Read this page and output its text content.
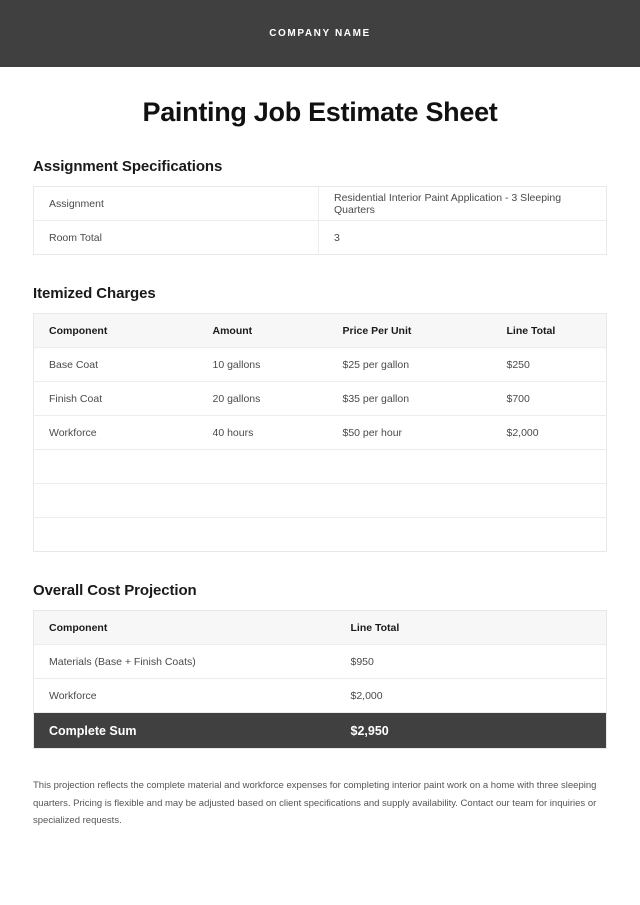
COMPANY NAME
Painting Job Estimate Sheet
Assignment Specifications
Assignment	Residential Interior Paint Application - 3 Sleeping Quarters
Room Total	3
Itemized Charges
Component	Amount	Price Per Unit	Line Total
Base Coat	10 gallons	$25 per gallon	$250
Finish Coat	20 gallons	$35 per gallon	$700
Workforce	40 hours	$50 per hour	$2,000

Overall Cost Projection
Component	Line Total
Materials (Base + Finish Coats)	$950
Workforce	$2,000
Complete Sum	$2,950

This projection reflects the complete material and workforce expenses for completing interior paint work on a home with three sleeping quarters. Pricing is flexible and may be adjusted based on client specifications and supply availability. Contact our team for inquiries or specialized requests.
